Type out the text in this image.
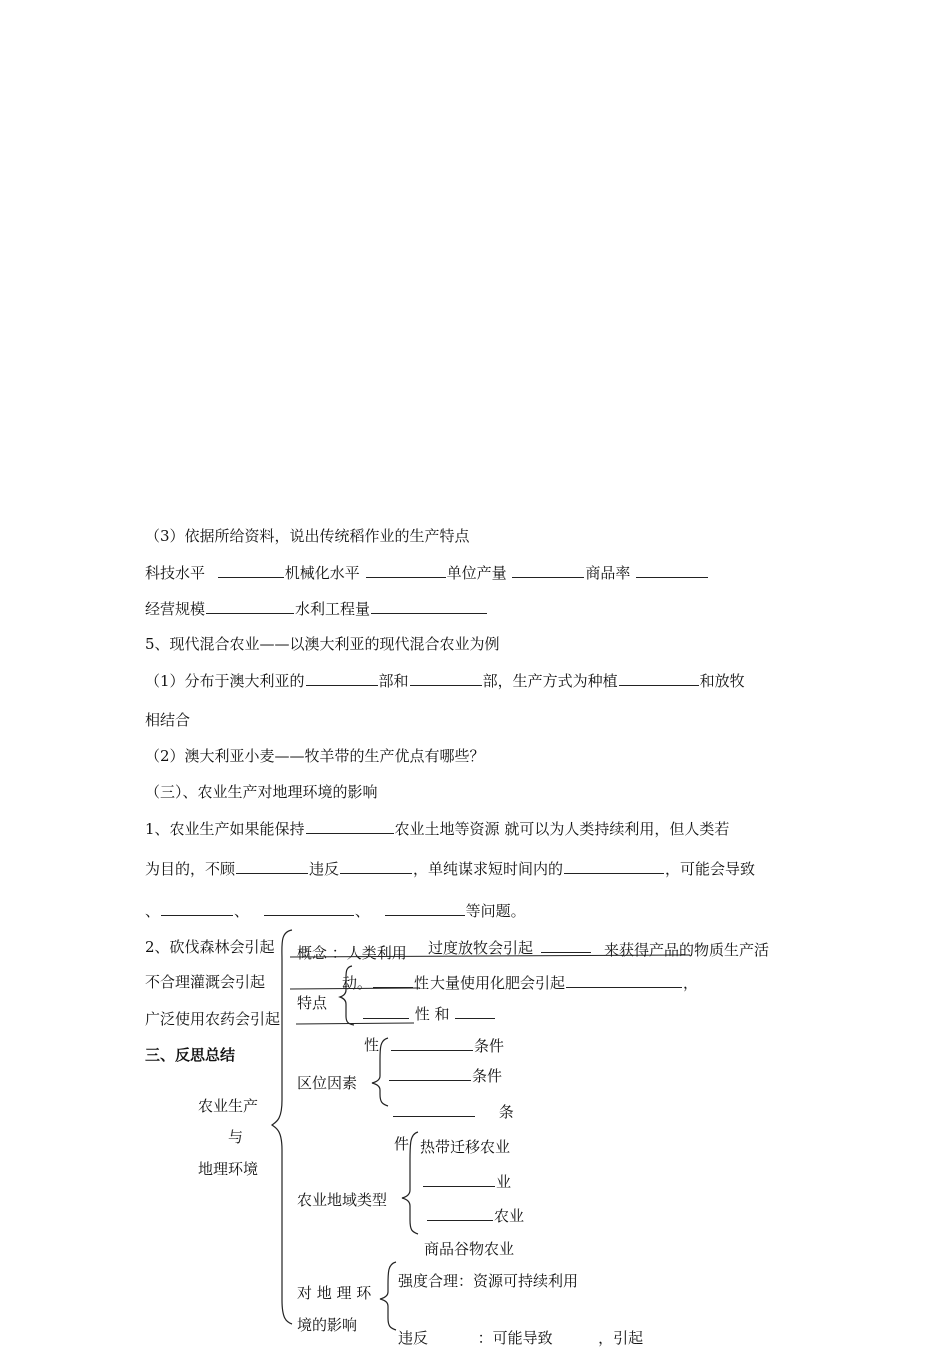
（3）依据所给资料，说出传统稻作业的生产特点
科技水平	机械化水平	单位产量	商品率
经营规模	水利工程量
5、现代混合农业——以澳大利亚的现代混合农业为例
（1）分布于澳大利亚的	部和	部，生产方式为种植	和放牧
相结合
（2）澳大利亚小麦——牧羊带的生产优点有哪些？
（三）、农业生产对地理环境的影响
1、农业生产如果能保持	农业土地等资源 就可以为人类持续利用，但人类若
为目的，不顾	违反	，单纯谋求短时间内的	，可能会导致
、	、	、	等问题。
2、砍伐森林会引起	过度放牧会引起
不合理灌溉会引起	大量使用化肥会引起	，
广泛使用农药会引起
三、反思总结
农业生产
与
地理环境
概念 ：人类利用	来获得产品的物质生产活
动。	性
特点
性 和
性
区位因素
条件
条件
条
件
农业地域类型
热带迁移农业
业
农业
商品谷物农业
对 地 理 环
境的影响
强度合理：资源可持续利用
违反	：可能导致	，引起
